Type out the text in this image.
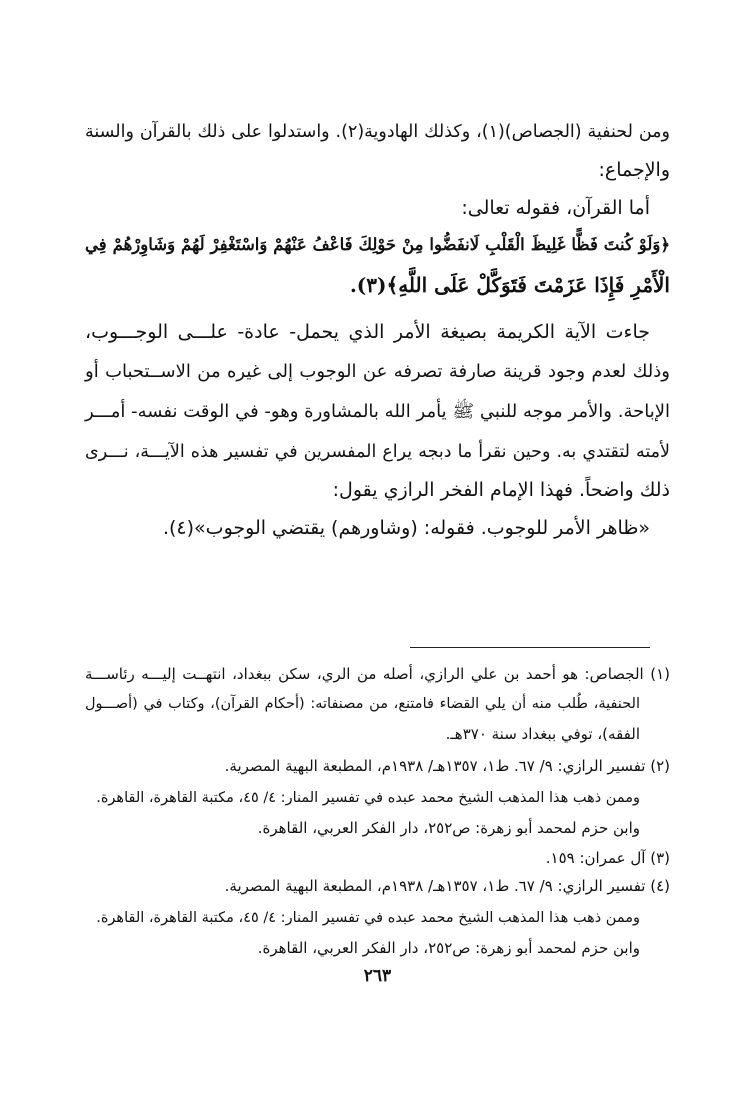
ومن لحنفية (الجصاص)(١)، وكذلك الهادوية(٢). واستدلوا على ذلك بالقرآن والسنة
والإجماع:
أما القرآن، فقوله تعالى:
﴿وَلَوْ كُنتَ فَظًّا غَلِيظَ الْقَلْبِ لَانفَضُّوا مِنْ حَوْلِكَ فَاعْفُ عَنْهُمْ وَاسْتَغْفِرْ لَهُمْ وَشَاوِرْهُمْ فِي
الْأَمْرِ فَإِذَا عَزَمْتَ فَتَوَكَّلْ عَلَى اللَّهِ﴾(٣).
جاءت الآية الكريمة بصيغة الأمر الذي يحمل- عادة- علـــى الوجـــوب،
وذلك لعدم وجود قرينة صارفة تصرفه عن الوجوب إلى غيره من الاســتحباب أو
الإباحة. والأمر موجه للنبي ﷺ يأمر الله بالمشاورة وهو- في الوقت نفسه- أمـــر
لأمته لتقتدي به. وحين نقرأ ما دبجه يراع المفسرين في تفسير هذه الآيـــة، نـــرى
ذلك واضحاً. فهذا الإمام الفخر الرازي يقول:
«ظاهر الأمر للوجوب. فقوله: (وشاورهم) يقتضي الوجوب»(٤).
(١) الجصاص: هو أحمد بن علي الرازي، أصله من الري، سكن ببغداد، انتهــت إليـــه رئاســـة
الحنفية، طُلب منه أن يلي القضاء فامتنع، من مصنفاته: (أحكام القرآن)، وكتاب في (أصـــول
الفقه)، توفي ببغداد سنة ٣٧٠هـ.
(٢) تفسير الرازي: ٩/ ٦٧. ط١، ١٣٥٧هـ/ ١٩٣٨م، المطبعة البهية المصرية.
وممن ذهب هذا المذهب الشيخ محمد عبده في تفسير المنار: ٤/ ٤٥، مكتبة القاهرة، القاهرة.
وابن حزم لمحمد أبو زهرة: ص٢٥٢، دار الفكر العربي، القاهرة.
(٣) آل عمران: ١٥٩.
(٤) تفسير الرازي: ٩/ ٦٧. ط١، ١٣٥٧هـ/ ١٩٣٨م، المطبعة البهية المصرية.
وممن ذهب هذا المذهب الشيخ محمد عبده في تفسير المنار: ٤/ ٤٥، مكتبة القاهرة، القاهرة.
وابن حزم لمحمد أبو زهرة: ص٢٥٢، دار الفكر العربي، القاهرة.
٢٦٣
